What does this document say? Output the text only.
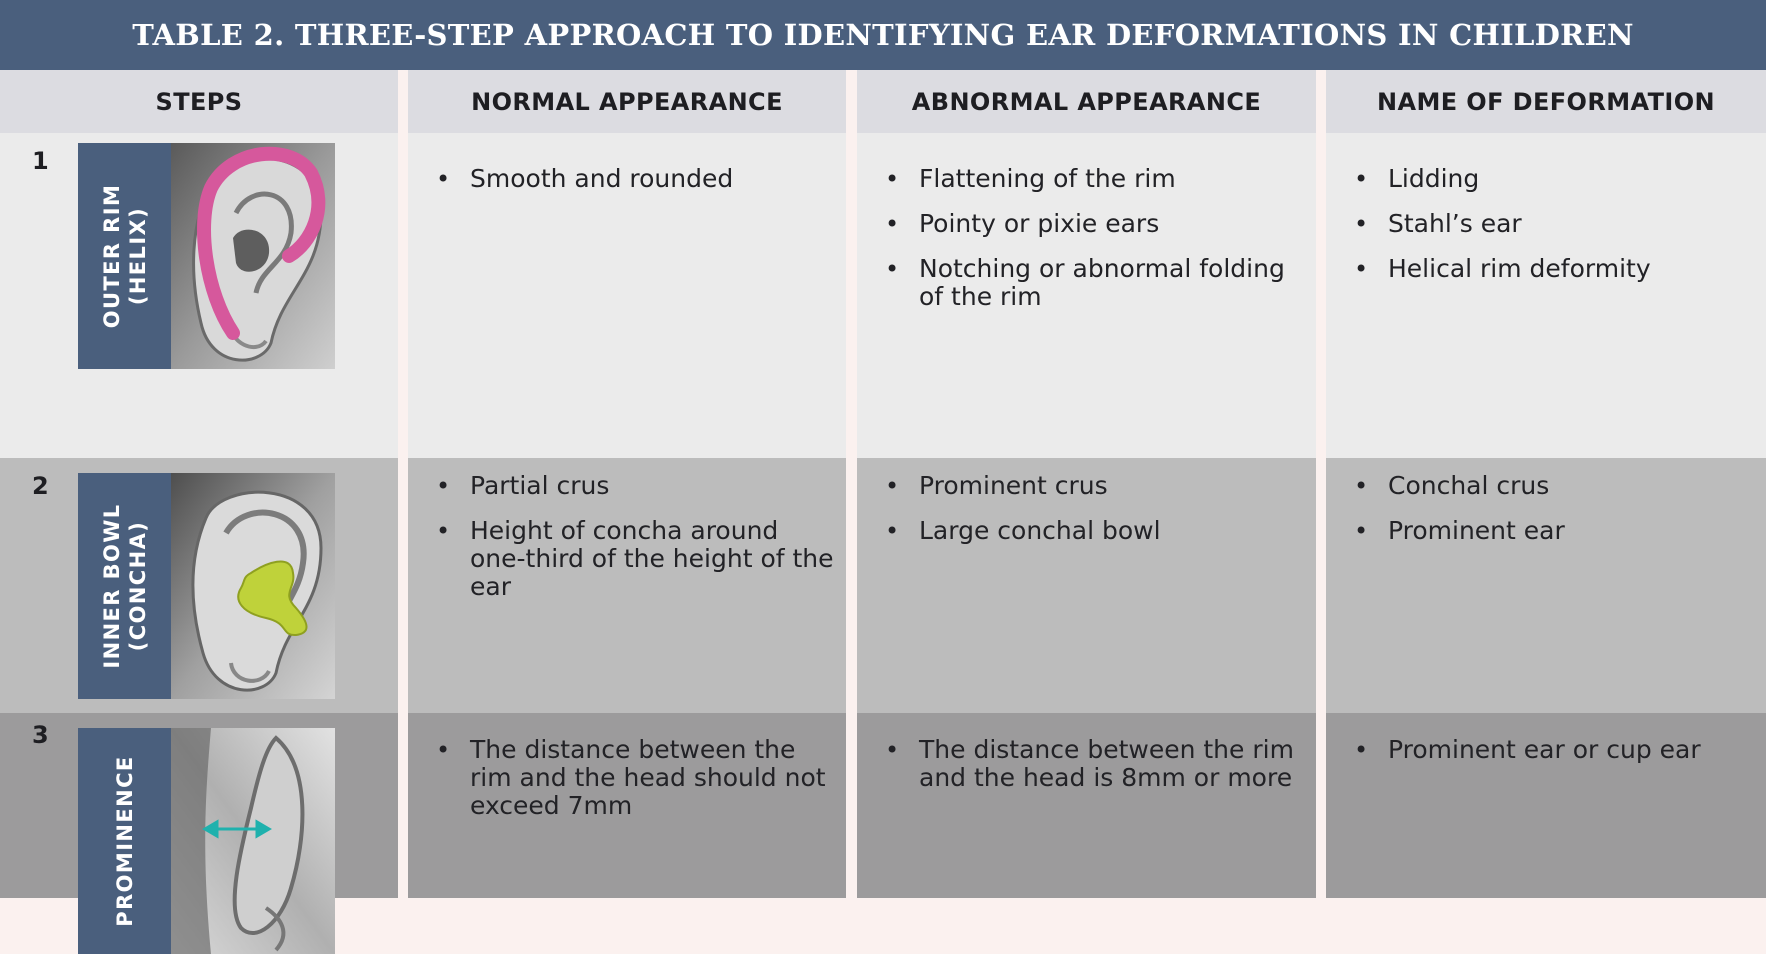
TABLE 2. THREE-STEP APPROACH TO IDENTIFYING EAR DEFORMATIONS IN CHILDREN
STEPS
1
OUTER RIM (HELIX)
2
INNER BOWL (CONCHA)
3
PROMINENCE
NORMAL APPEARANCE
• Smooth and rounded
• Partial crus
• Height of concha around one-third of the height of the ear
• The distance between the rim and the head should not exceed 7mm
ABNORMAL APPEARANCE
• Flattening of the rim
• Pointy or pixie ears
• Notching or abnormal folding of the rim
• Prominent crus
• Large conchal bowl
• The distance between the rim and the head is 8mm or more
NAME OF DEFORMATION
• Lidding
• Stahl’s ear
• Helical rim deformity
• Conchal crus
• Prominent ear
• Prominent ear or cup ear
